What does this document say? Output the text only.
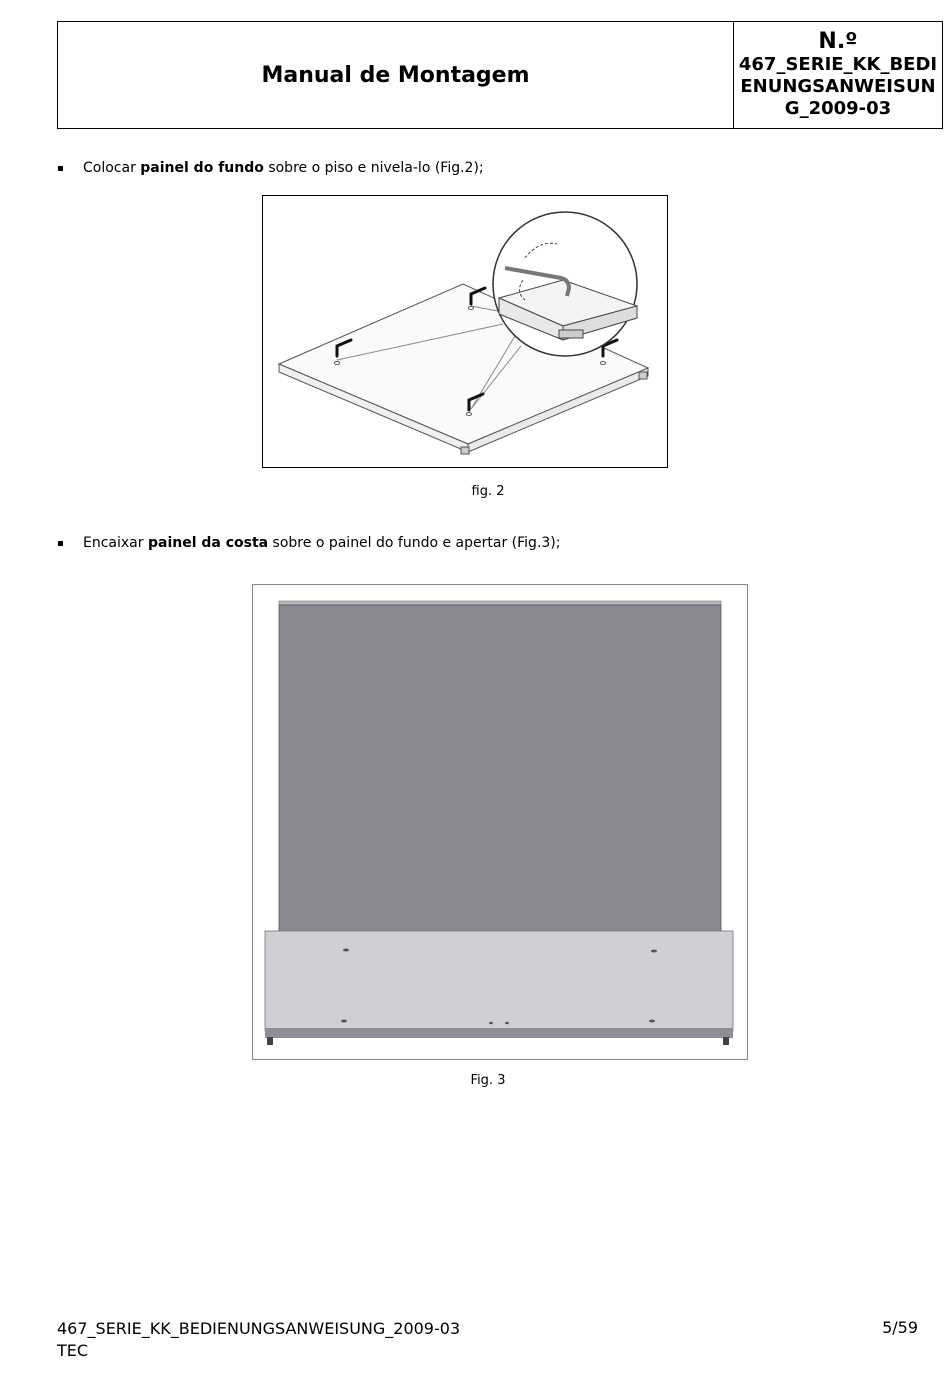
Manual de Montagem
N.º
467_SERIE_KK_BEDIENUNGSANWEISUNG_2009-03
Colocar painel do fundo sobre o piso e nivela-lo (Fig.2);
fig. 2
Encaixar painel da costa sobre o painel do fundo e apertar (Fig.3);
Fig. 3
467_SERIE_KK_BEDIENUNGSANWEISUNG_2009-03
TEC
5/59
